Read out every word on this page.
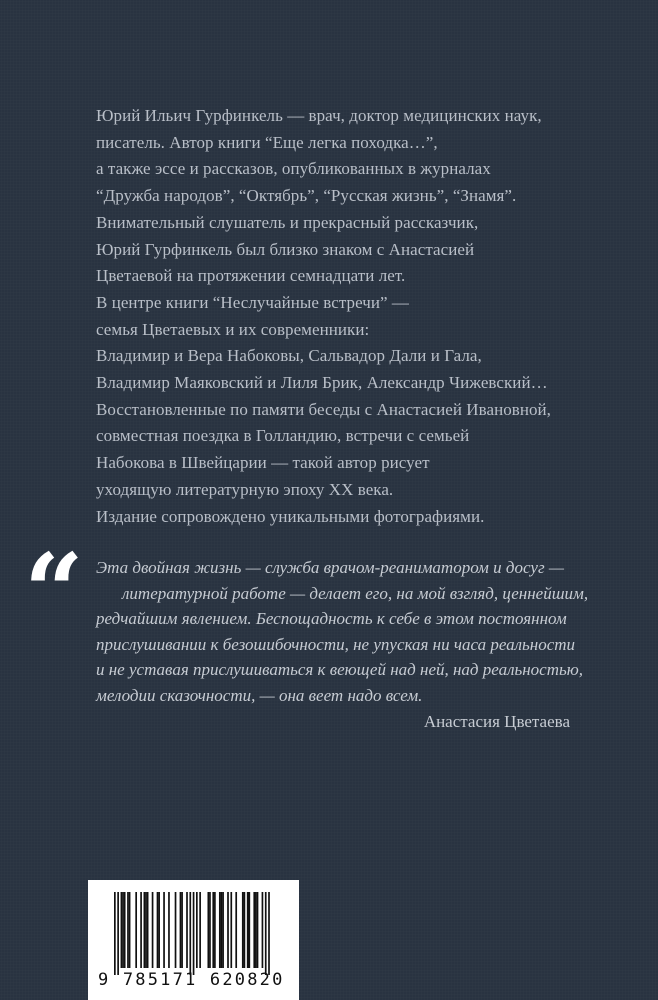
Юрий Ильич Гурфинкель — врач, доктор медицинских наук,
писатель. Автор книги “Еще легка походка…”,
а также эссе и рассказов, опубликованных в журналах
“Дружба народов”, “Октябрь”, “Русская жизнь”, “Знамя”.
Внимательный слушатель и прекрасный рассказчик,
Юрий Гурфинкель был близко знаком с Анастасией
Цветаевой на протяжении семнадцати лет.
В центре книги “Неслучайные встречи” —
семья Цветаевых и их современники:
Владимир и Вера Набоковы, Сальвадор Дали и Гала,
Владимир Маяковский и Лиля Брик, Александр Чижевский…
Восстановленные по памяти беседы с Анастасией Ивановной,
совместная поездка в Голландию, встречи с семьей
Набокова в Швейцарии — такой автор рисует
уходящую литературную эпоху XX века.
Издание сопровождено уникальными фотографиями.
“ Эта двойная жизнь — служба врачом-реаниматором и досуг —
литературной работе — делает его, на мой взгляд, ценнейшим,
редчайшим явлением. Беспощадность к себе в этом постоянном
прислушивании к безошибочности, не упуская ни часа реальности
и не уставая прислушиваться к веющей над ней, над реальностью,
мелодии сказочности, — она веет надо всем.
Анастасия Цветаева
9 785171 620820
